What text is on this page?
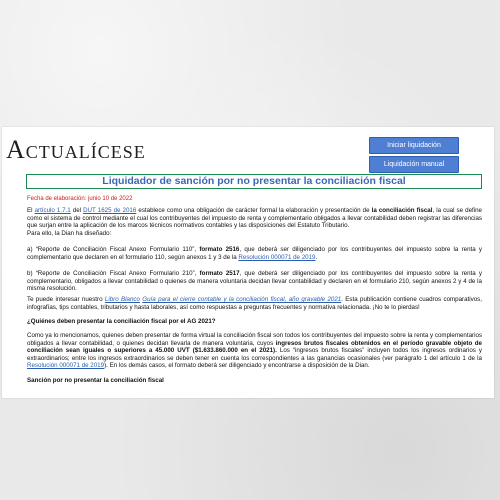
Actualícese	Iniciar liquidación
Liquidación manual
Liquidador de sanción por no presentar la conciliación fiscal
Fecha de elaboración: junio 10 de 2022
El artículo 1.7.1 del DUT 1625 de 2016 establece como una obligación de carácter formal la elaboración y presentación de la conciliación fiscal, la cual se define como el sistema de control mediante el cual los contribuyentes del impuesto de renta y complementario obligados a llevar contabilidad deben registrar las diferencias que surjan entre la aplicación de los marcos técnicos normativos contables y las disposiciones del Estatuto Tributario.
Para ello, la Dian ha diseñado:
a) “Reporte de Conciliación Fiscal Anexo Formulario 110”, formato 2516, que deberá ser diligenciado por los contribuyentes del impuesto sobre la renta y complementario que declaren en el formulario 110, según anexos 1 y 3 de la Resolución 000071 de 2019.
b) “Reporte de Conciliación Fiscal Anexo Formulario 210”, formato 2517, que deberá ser diligenciado por los contribuyentes del impuesto sobre la renta y complementario, obligados a llevar contabilidad o quienes de manera voluntaria decidan llevar contabilidad y declaren en el formulario 210, según anexos 2 y 4 de la misma resolución.
Te puede interesar nuestro Libro Blanco Guía para el cierre contable y la conciliación fiscal, año gravable 2021. Esta publicación contiene cuadros comparativos, infografías, tips contables, tributarios y hasta laborales, así como respuestas a preguntas frecuentes y normativa relacionada. ¡No te lo pierdas!
¿Quiénes deben presentar la conciliación fiscal por el AG 2021?
Como ya lo mencionamos, quienes deben presentar de forma virtual la conciliación fiscal son todos los contribuyentes del impuesto sobre la renta y complementarios obligados a llevar contabilidad, o quienes decidan llevarla de manera voluntaria, cuyos ingresos brutos fiscales obtenidos en el período gravable objeto de conciliación sean iguales o superiores a 45.000 UVT ($1.633.860.000 en el 2021). Los “ingresos brutos fiscales” incluyen todos los ingresos ordinarios y extraordinarios; entre los ingresos extraordinarios se deben tener en cuenta los correspondientes a las ganancias ocasionales (ver parágrafo 1 del artículo 1 de la Resolución 000071 de 2019). En los demás casos, el formato deberá ser diligenciado y encontrarse a disposición de la Dian.
Sanción por no presentar la conciliación fiscal
